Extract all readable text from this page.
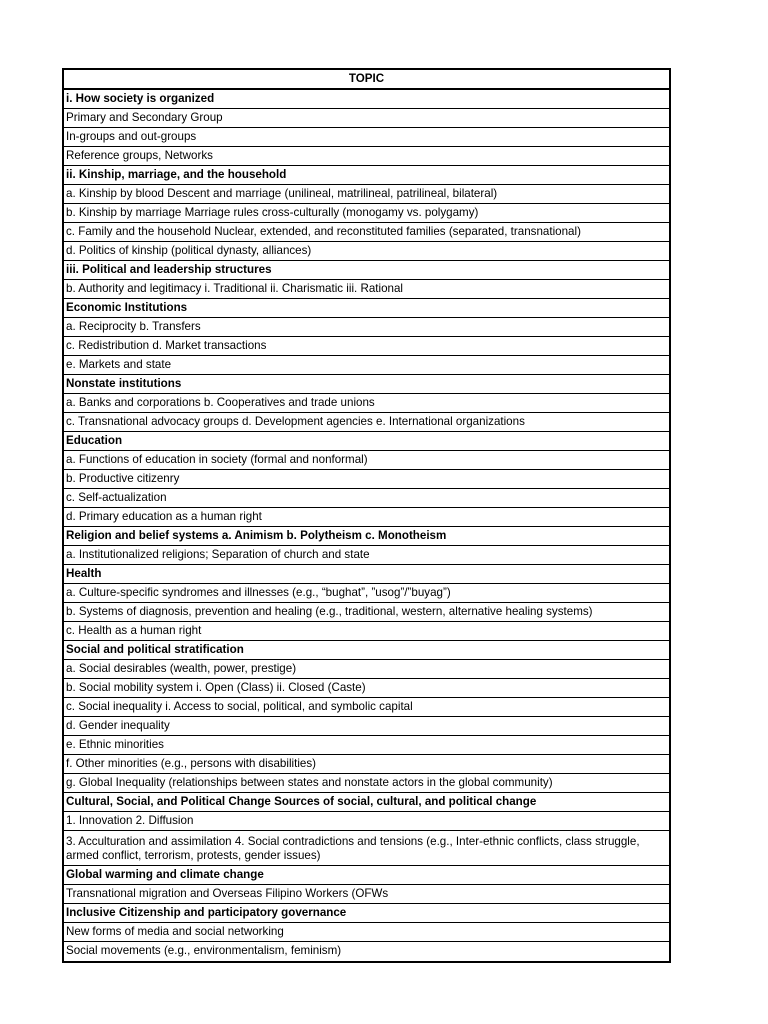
TOPIC
i. How society is organized
Primary and Secondary Group
In-groups and out-groups
Reference groups, Networks
ii. Kinship, marriage, and the household
a. Kinship by blood Descent and marriage (unilineal, matrilineal, patrilineal, bilateral)
b. Kinship by marriage Marriage rules cross-culturally (monogamy vs. polygamy)
c. Family and the household Nuclear, extended, and reconstituted families (separated, transnational)
d. Politics of kinship (political dynasty, alliances)
iii. Political and leadership structures
b. Authority and legitimacy i. Traditional ii. Charismatic iii. Rational
Economic Institutions
a. Reciprocity b. Transfers
c. Redistribution d. Market transactions
e. Markets and state
Nonstate institutions
a. Banks and corporations b. Cooperatives and trade unions
c. Transnational advocacy groups d. Development agencies e. International organizations
Education
a. Functions of education in society (formal and nonformal)
b. Productive citizenry
c. Self-actualization
d. Primary education as a human right
Religion and belief systems a. Animism b. Polytheism c. Monotheism
a. Institutionalized religions; Separation of church and state
Health
a. Culture-specific syndromes and illnesses (e.g., “bughat”, ”usog”/”buyag”)
b. Systems of diagnosis, prevention and healing (e.g., traditional, western, alternative healing systems)
c. Health as a human right
Social and political stratification
a. Social desirables (wealth, power, prestige)
b. Social mobility system i. Open (Class) ii. Closed (Caste)
c. Social inequality i. Access to social, political, and symbolic capital
d. Gender inequality
e. Ethnic minorities
f. Other minorities (e.g., persons with disabilities)
g. Global Inequality (relationships between states and nonstate actors in the global community)
Cultural, Social, and Political Change Sources of social, cultural, and political change
1. Innovation 2. Diffusion
3. Acculturation and assimilation 4. Social contradictions and tensions (e.g., Inter-ethnic conflicts, class struggle, armed conflict, terrorism, protests, gender issues)
Global warming and climate change
Transnational migration and Overseas Filipino Workers (OFWs
Inclusive Citizenship and participatory governance
New forms of media and social networking
Social movements (e.g., environmentalism, feminism)
